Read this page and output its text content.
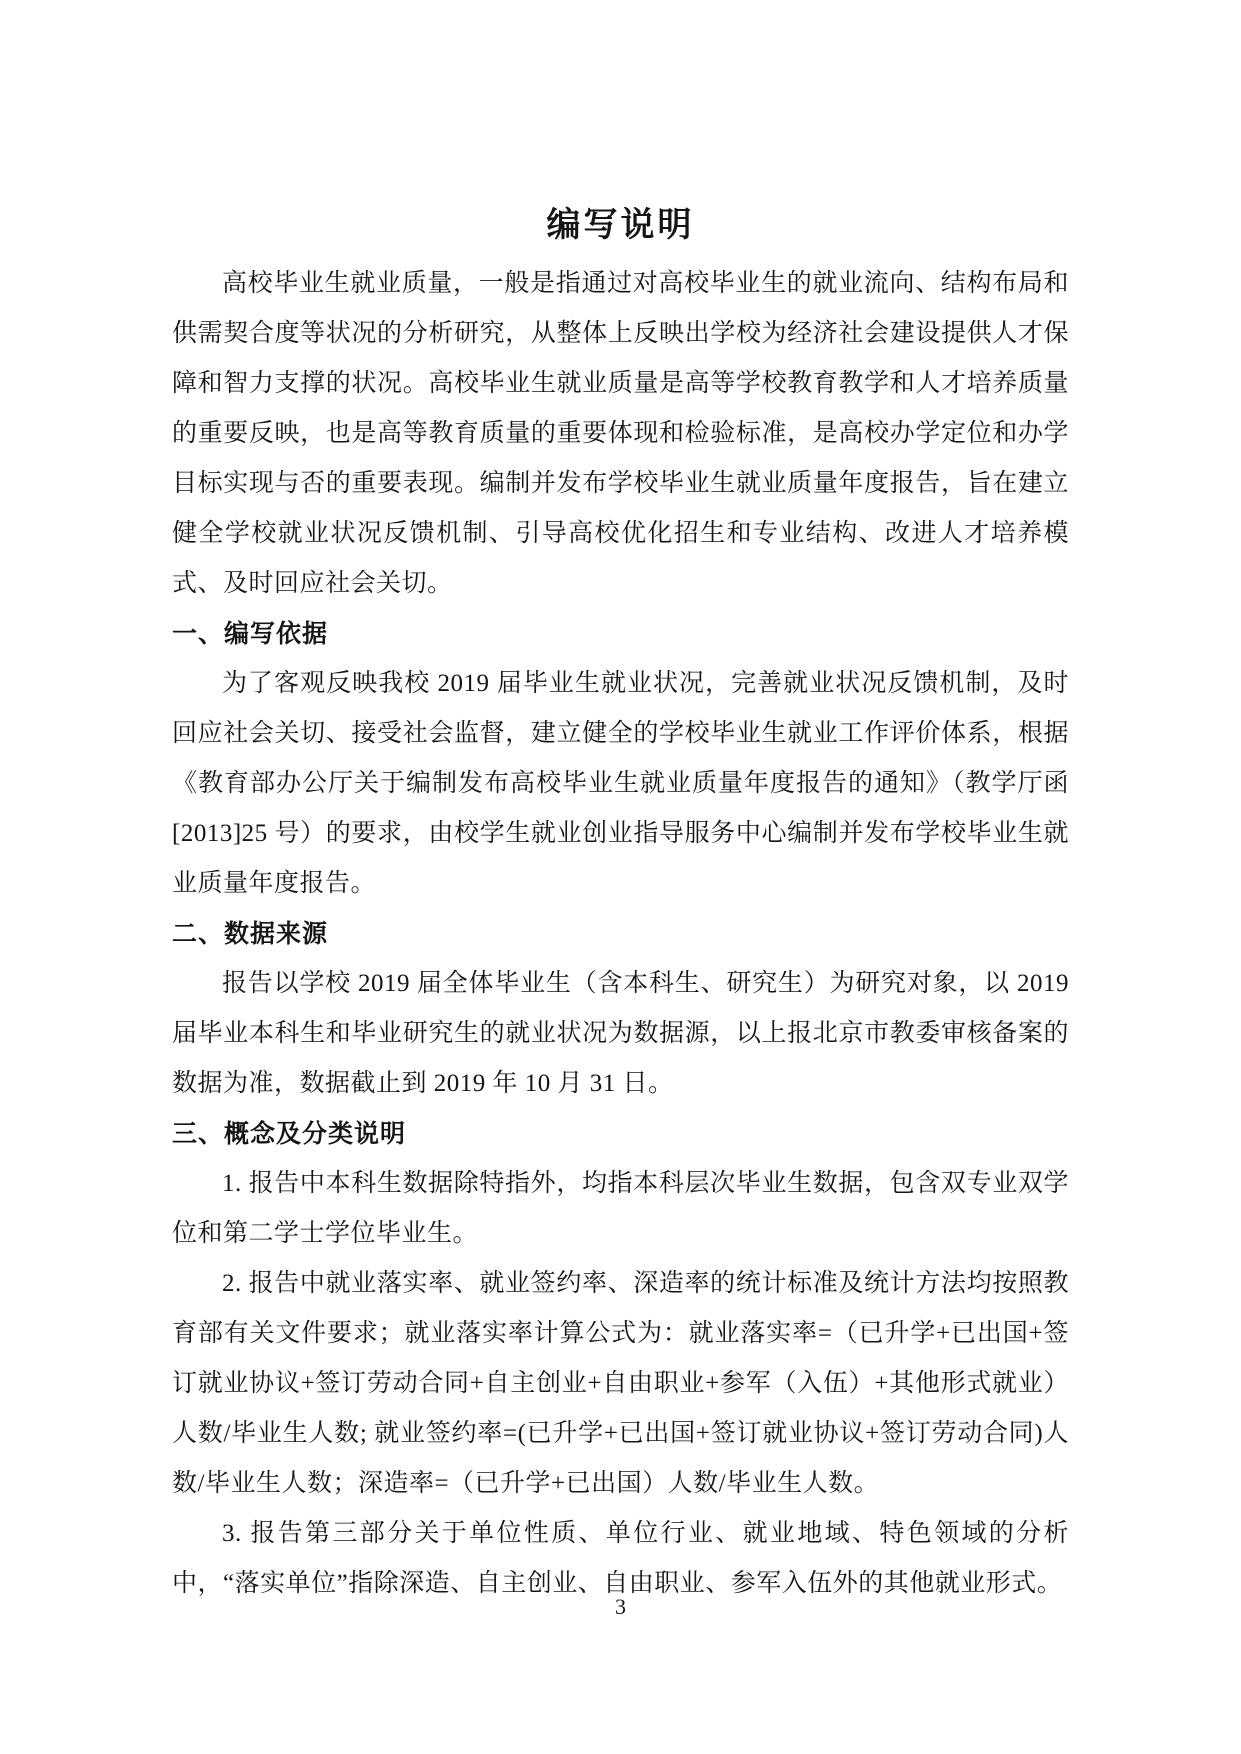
编写说明

高校毕业生就业质量，一般是指通过对高校毕业生的就业流向、结构布局和供需契合度等状况的分析研究，从整体上反映出学校为经济社会建设提供人才保障和智力支撑的状况。高校毕业生就业质量是高等学校教育教学和人才培养质量的重要反映，也是高等教育质量的重要体现和检验标准，是高校办学定位和办学目标实现与否的重要表现。编制并发布学校毕业生就业质量年度报告，旨在建立健全学校就业状况反馈机制、引导高校优化招生和专业结构、改进人才培养模式、及时回应社会关切。

一、编写依据

为了客观反映我校 2019 届毕业生就业状况，完善就业状况反馈机制，及时回应社会关切、接受社会监督，建立健全的学校毕业生就业工作评价体系，根据《教育部办公厅关于编制发布高校毕业生就业质量年度报告的通知》（教学厅函[2013]25 号）的要求，由校学生就业创业指导服务中心编制并发布学校毕业生就业质量年度报告。

二、数据来源

报告以学校 2019 届全体毕业生（含本科生、研究生）为研究对象，以 2019 届毕业本科生和毕业研究生的就业状况为数据源，以上报北京市教委审核备案的数据为准，数据截止到 2019 年 10 月 31 日。

三、概念及分类说明

1. 报告中本科生数据除特指外，均指本科层次毕业生数据，包含双专业双学位和第二学士学位毕业生。

2. 报告中就业落实率、就业签约率、深造率的统计标准及统计方法均按照教育部有关文件要求；就业落实率计算公式为：就业落实率=（已升学+已出国+签订就业协议+签订劳动合同+自主创业+自由职业+参军（入伍）+其他形式就业）人数/毕业生人数; 就业签约率=(已升学+已出国+签订就业协议+签订劳动合同)人数/毕业生人数；深造率=（已升学+已出国）人数/毕业生人数。

3. 报告第三部分关于单位性质、单位行业、就业地域、特色领域的分析中，“落实单位”指除深造、自主创业、自由职业、参军入伍外的其他就业形式。

3
